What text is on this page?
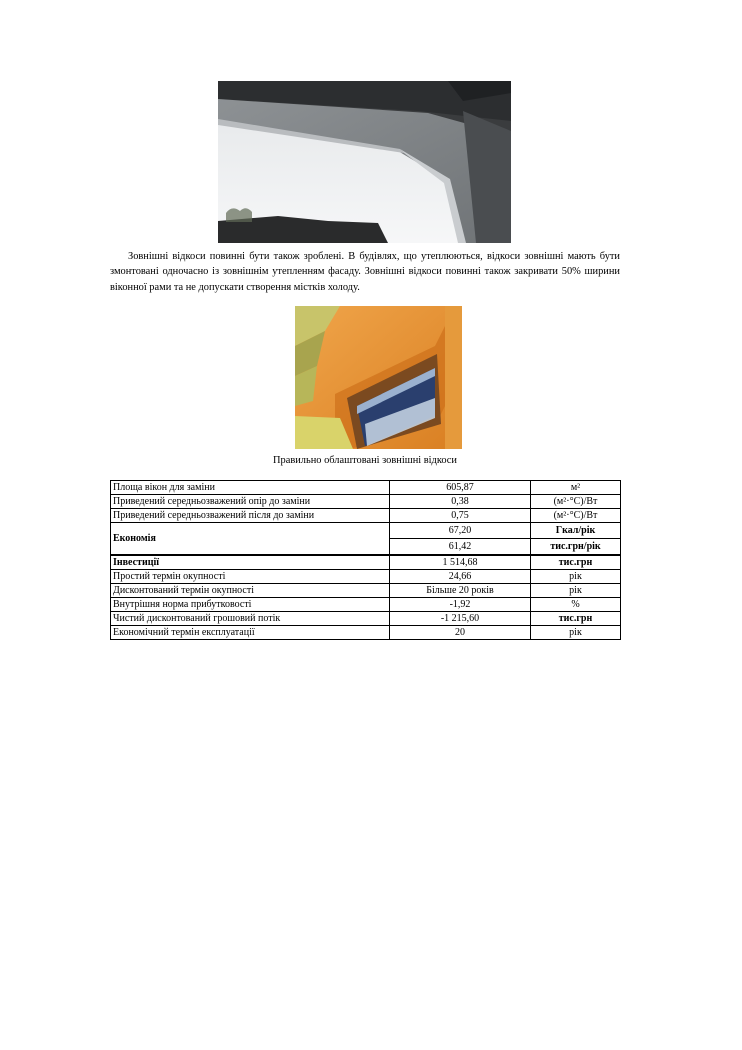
Зовнішні відкоси повинні бути також зроблені. В будівлях, що утеплюються, відкоси зовнішні мають бути змонтовані одночасно із зовнішнім утепленням фасаду. Зовнішні відкоси повинні також закривати 50% ширини віконної рами та не допускати створення містків холоду.
Правильно облаштовані зовнішні відкоси
Площа вікон для заміни	605,87	м²
Приведений середньозважений опір до заміни	0,38	(м²·°С)/Вт
Приведений середньозважений після до заміни	0,75	(м²·°С)/Вт
Економія	67,20	Гкал/рік
	61,42	тис.грн/рік
Інвестиції	1 514,68	тис.грн
Простий термін окупності	24,66	рік
Дисконтований термін окупності	Більше 20 років	рік
Внутрішня норма прибутковості	-1,92	%
Чистий дисконтований грошовий потік	-1 215,60	тис.грн
Економічний термін експлуатації	20	рік
